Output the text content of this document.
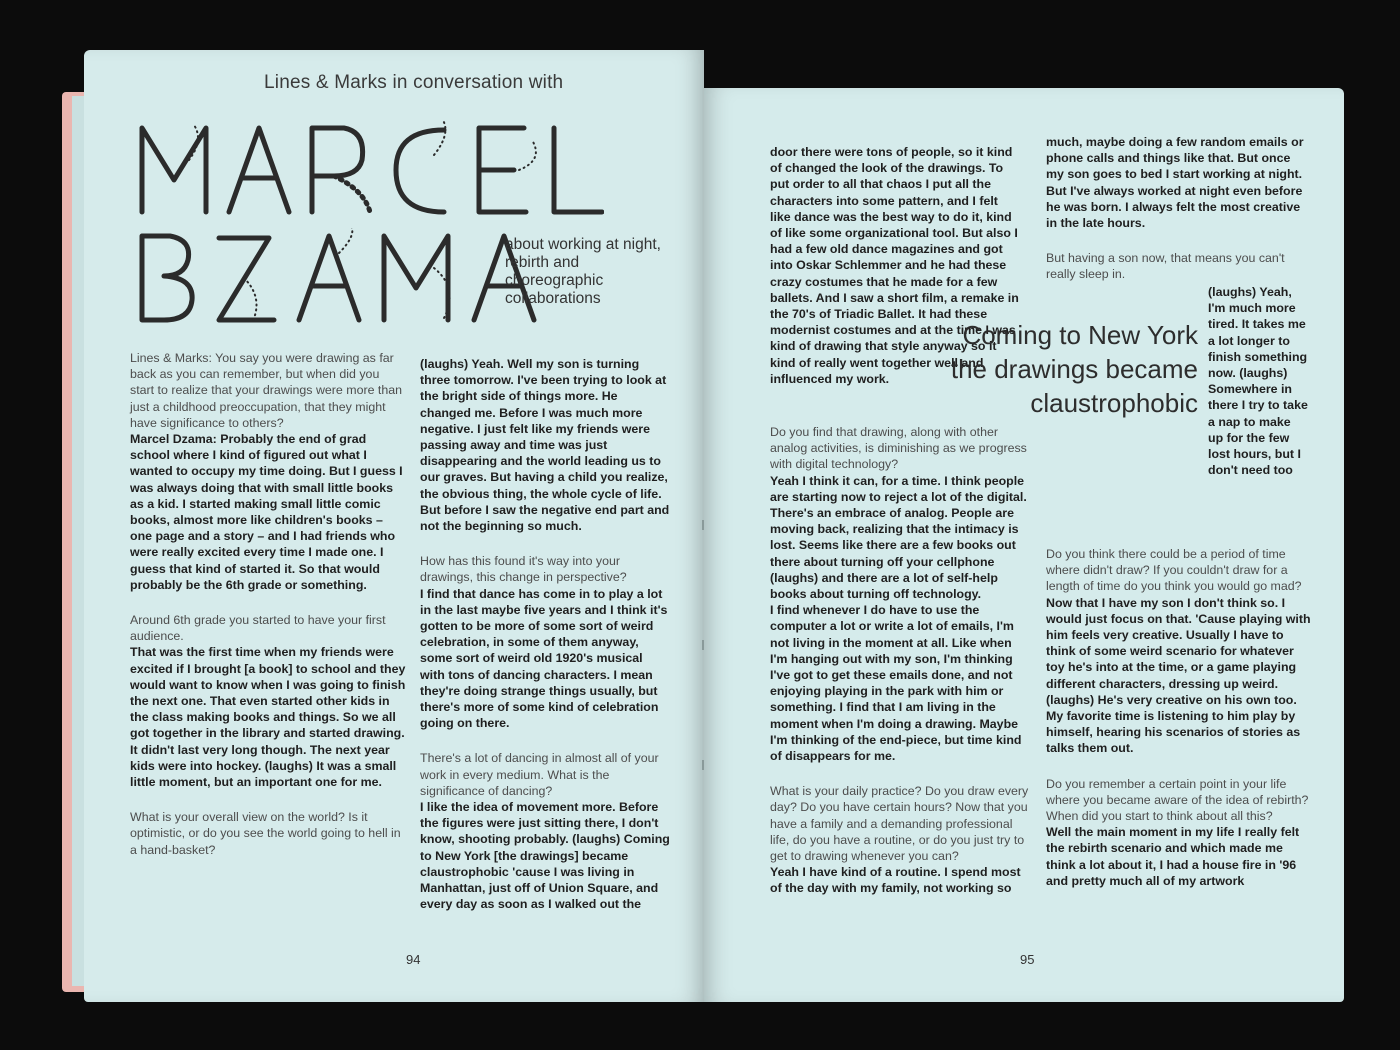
Lines & Marks in conversation with
about working at night, rebirth and choreographic collaborations

Lines & Marks: You say you were drawing as far back as you can remember, but when did you start to realize that your drawings were more than just a childhood preoccupation, that they might have significance to others?

Marcel Dzama: Probably the end of grad school where I kind of figured out what I wanted to occupy my time doing. But I guess I was always doing that with small little books as a kid. I started making small little comic books, almost more like children's books – one page and a story – and I had friends who were really excited every time I made one. I guess that kind of started it. So that would probably be the 6th grade or something.

Around 6th grade you started to have your first audience.

That was the first time when my friends were excited if I brought [a book] to school and they would want to know when I was going to finish the next one. That even started other kids in the class making books and things. So we all got together in the library and started drawing. It didn't last very long though. The next year kids were into hockey. (laughs) It was a small little moment, but an important one for me.

What is your overall view on the world? Is it optimistic, or do you see the world going to hell in a hand-basket?

(laughs) Yeah. Well my son is turning three tomorrow. I've been trying to look at the bright side of things more. He changed me. Before I was much more negative. I just felt like my friends were passing away and time was just disappearing and the world leading us to our graves. But having a child you realize, the obvious thing, the whole cycle of life. But before I saw the negative end part and not the beginning so much.

How has this found it's way into your drawings, this change in perspective?

I find that dance has come in to play a lot in the last maybe five years and I think it's gotten to be more of some sort of weird celebration, in some of them anyway, some sort of weird old 1920's musical with tons of dancing characters. I mean they're doing strange things usually, but there's more of some kind of celebration going on there.

There's a lot of dancing in almost all of your work in every medium. What is the significance of dancing?

I like the idea of movement more. Before the figures were just sitting there, I don't know, shooting probably. (laughs) Coming to New York [the drawings] became claustrophobic 'cause I was living in Manhattan, just off of Union Square, and every day as soon as I walked out the

94

door there were tons of people, so it kind of changed the look of the drawings. To put order to all that chaos I put all the characters into some pattern, and I felt like dance was the best way to do it, kind of like some organizational tool. But also I had a few old dance magazines and got into Oskar Schlemmer and he had these crazy costumes that he made for a few ballets. And I saw a short film, a remake in the 70's of Triadic Ballet. It had these modernist costumes and at the time I was kind of drawing that style anyway so it kind of really went together well and influenced my work.

Coming to New York the drawings became claustrophobic

Do you find that drawing, along with other analog activities, is diminishing as we progress with digital technology?

Yeah I think it can, for a time. I think people are starting now to reject a lot of the digital. There's an embrace of analog. People are moving back, realizing that the intimacy is lost. Seems like there are a few books out there about turning off your cellphone (laughs) and there are a lot of self-help books about turning off technology.

I find whenever I do have to use the computer a lot or write a lot of emails, I'm not living in the moment at all. Like when I'm hanging out with my son, I'm thinking I've got to get these emails done, and not enjoying playing in the park with him or something. I find that I am living in the moment when I'm doing a drawing. Maybe I'm thinking of the end-piece, but time kind of disappears for me.

What is your daily practice? Do you draw every day? Do you have certain hours? Now that you have a family and a demanding professional life, do you have a routine, or do you just try to get to drawing whenever you can?

Yeah I have kind of a routine. I spend most of the day with my family, not working so

much, maybe doing a few random emails or phone calls and things like that. But once my son goes to bed I start working at night. But I've always worked at night even before he was born. I always felt the most creative in the late hours.

But having a son now, that means you can't really sleep in.

(laughs) Yeah, I'm much more tired. It takes me a lot longer to finish something now. (laughs) Somewhere in there I try to take a nap to make up for the few lost hours, but I don't need too

Do you think there could be a period of time where didn't draw? If you couldn't draw for a length of time do you think you would go mad?

Now that I have my son I don't think so. I would just focus on that. 'Cause playing with him feels very creative. Usually I have to think of some weird scenario for whatever toy he's into at the time, or a game playing different characters, dressing up weird. (laughs) He's very creative on his own too. My favorite time is listening to him play by himself, hearing his scenarios of stories as talks them out.

Do you remember a certain point in your life where you became aware of the idea of rebirth? When did you start to think about all this?

Well the main moment in my life I really felt the rebirth scenario and which made me think a lot about it, I had a house fire in '96 and pretty much all of my artwork

95
